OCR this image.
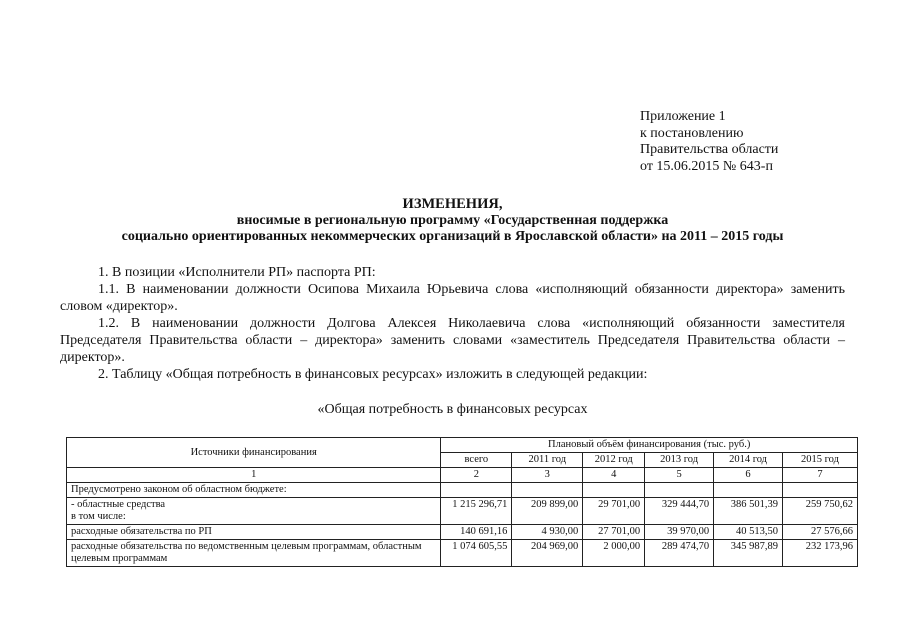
Приложение 1
к постановлению
Правительства области
от 15.06.2015 № 643-п
ИЗМЕНЕНИЯ,
вносимые в региональную программу «Государственная поддержка
социально ориентированных некоммерческих организаций в Ярославской области» на 2011 – 2015 годы
1. В позиции «Исполнители РП» паспорта РП:
1.1. В наименовании должности Осипова Михаила Юрьевича слова «исполняющий обязанности директора» заменить словом «директор».
1.2. В наименовании должности Долгова Алексея Николаевича слова «исполняющий обязанности заместителя Председателя Правительства области – директора» заменить словами «заместитель Председателя Правительства области – директор».
2. Таблицу «Общая потребность в финансовых ресурсах» изложить в следующей редакции:
«Общая потребность в финансовых ресурсах
Источники финансирования	Плановый объём финансирования (тыс. руб.)					
	всего	2011 год	2012 год	2013 год	2014 год	2015 год
1	2	3	4	5	6	7
Предусмотрено законом об областном бюджете:						

- областные средства
в том числе:	1 215 296,71	209 899,00	29 701,00	329 444,70	386 501,39	259 750,62
расходные обязательства по РП	140 691,16	4 930,00	27 701,00	39 970,00	40 513,50	27 576,66
расходные обязательства по ведомственным целевым программам, областным целевым программам	1 074 605,55	204 969,00	2 000,00	289 474,70	345 987,89	232 173,96
